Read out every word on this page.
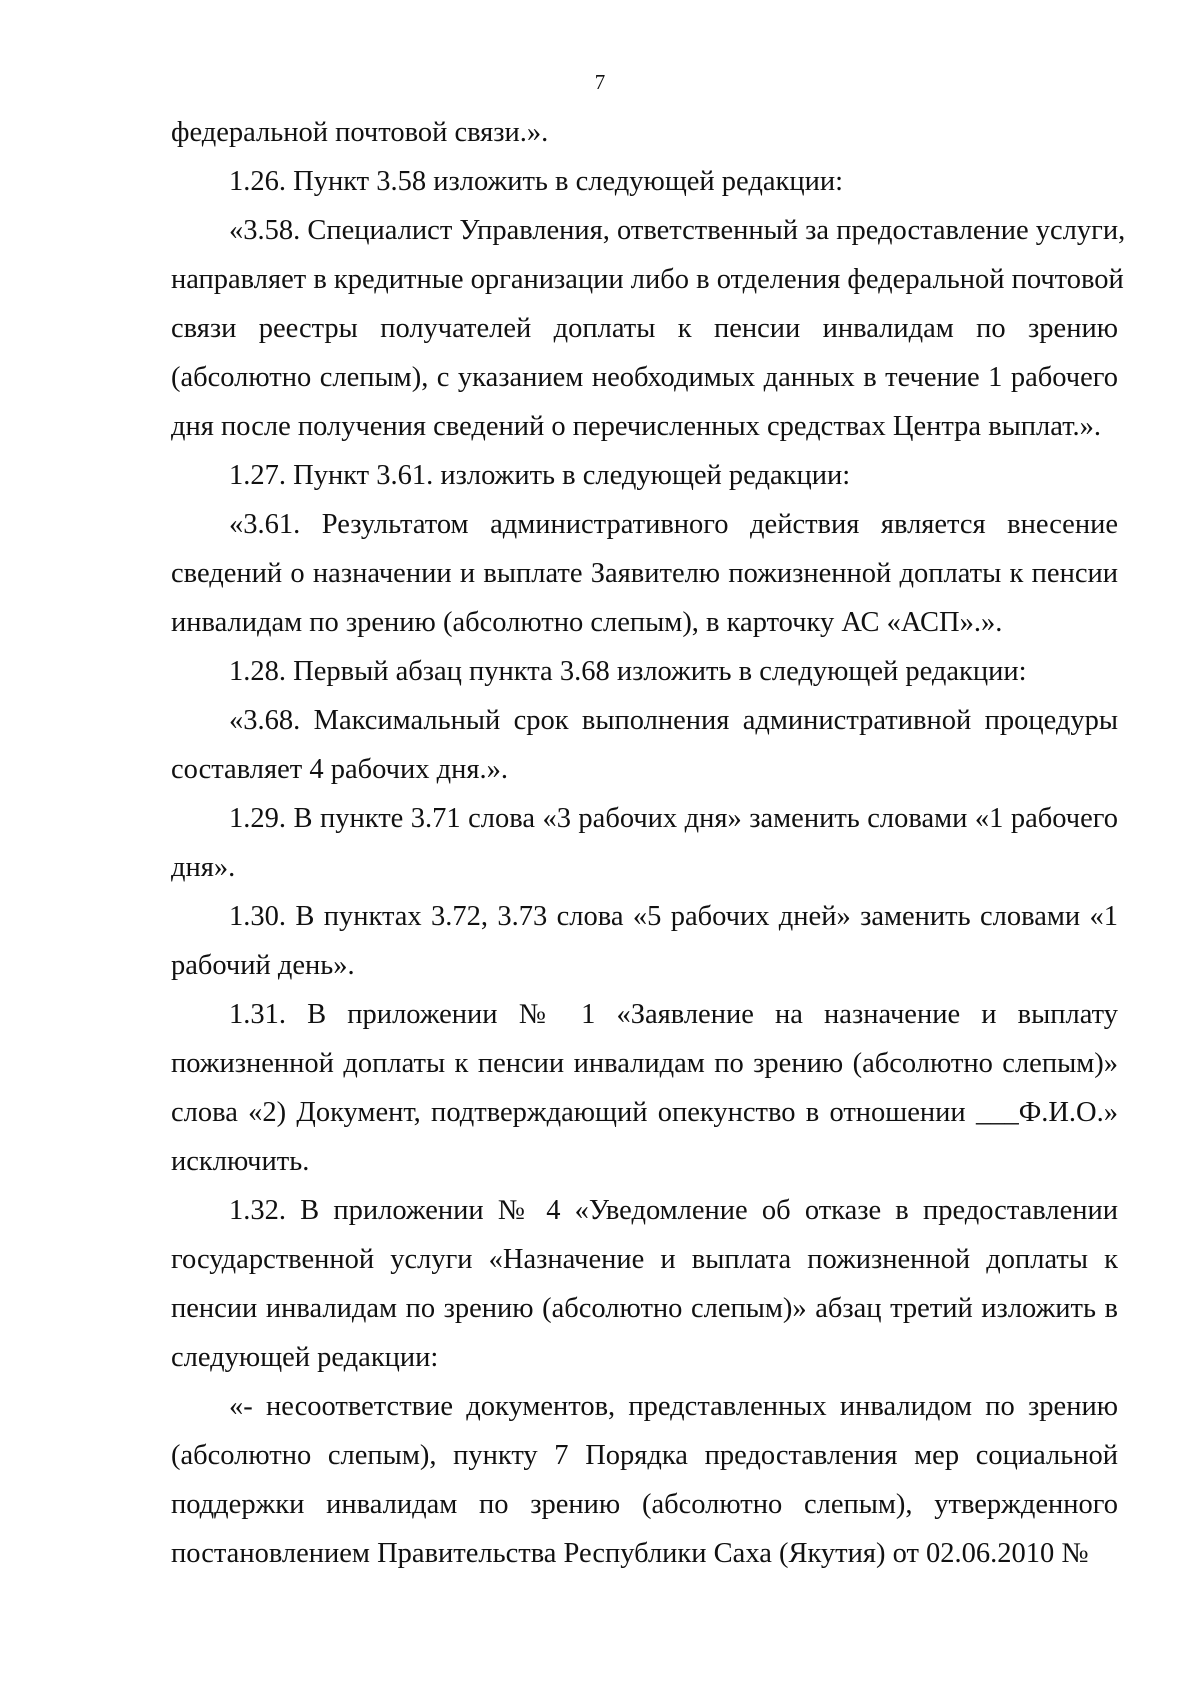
7

федеральной почтовой связи.».

1.26. Пункт 3.58 изложить в следующей редакции:

«3.58. Специалист Управления, ответственный за предоставление услуги,
направляет в кредитные организации либо в отделения федеральной почтовой
связи реестры получателей доплаты к пенсии инвалидам по зрению
(абсолютно слепым), с указанием необходимых данных в течение 1 рабочего
дня после получения сведений о перечисленных средствах Центра выплат.».

1.27. Пункт 3.61. изложить в следующей редакции:

«3.61. Результатом административного действия является внесение
сведений о назначении и выплате Заявителю пожизненной доплаты к пенсии
инвалидам по зрению (абсолютно слепым), в карточку АС «АСП».».

1.28. Первый абзац пункта 3.68 изложить в следующей редакции:

«3.68. Максимальный срок выполнения административной процедуры
составляет 4 рабочих дня.».

1.29. В пункте 3.71 слова «3 рабочих дня» заменить словами «1 рабочего
дня».

1.30. В пунктах 3.72, 3.73 слова «5 рабочих дней» заменить словами «1
рабочий день».

1.31. В приложении № 1 «Заявление на назначение и выплату
пожизненной доплаты к пенсии инвалидам по зрению (абсолютно слепым)»
слова «2) Документ, подтверждающий опекунство в отношении ___Ф.И.О.»
исключить.

1.32. В приложении № 4 «Уведомление об отказе в предоставлении
государственной услуги «Назначение и выплата пожизненной доплаты к
пенсии инвалидам по зрению (абсолютно слепым)» абзац третий изложить в
следующей редакции:

«- несоответствие документов, представленных инвалидом по зрению
(абсолютно слепым), пункту 7 Порядка предоставления мер социальной
поддержки инвалидам по зрению (абсолютно слепым), утвержденного
постановлением Правительства Республики Саха (Якутия) от 02.06.2010 №
